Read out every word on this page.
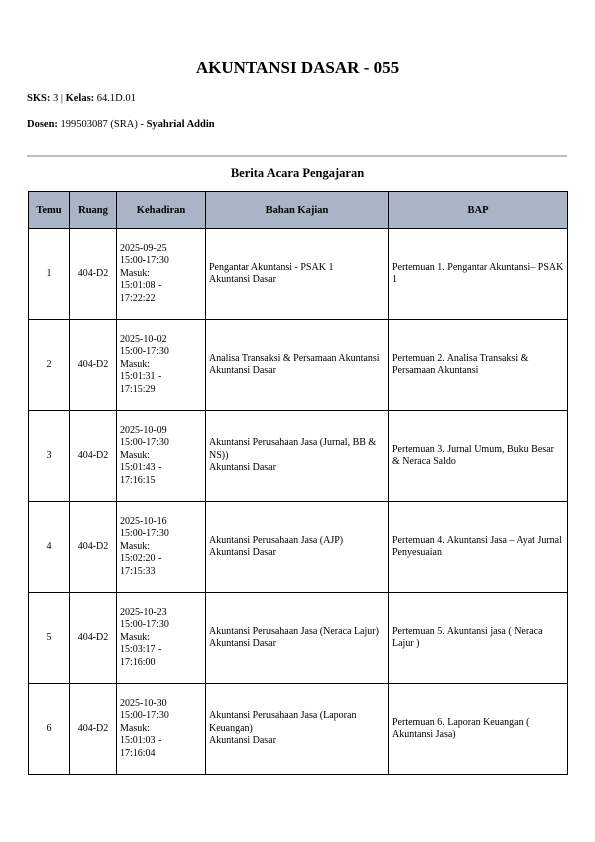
AKUNTANSI DASAR - 055
SKS: 3 | Kelas: 64.1D.01
Dosen: 199503087 (SRA) - Syahrial Addin
Berita Acara Pengajaran
Temu	Ruang	Kehadiran	Bahan Kajian	BAP
1	404-D2	2025-09-25
15:00-17:30
Masuk:
15:01:08 -
17:22:22	Pengantar Akuntansi - PSAK 1
Akuntansi Dasar	Pertemuan 1. Pengantar Akuntansi– PSAK 1
2	404-D2	2025-10-02
15:00-17:30
Masuk:
15:01:31 -
17:15:29	Analisa Transaksi & Persamaan Akuntansi
Akuntansi Dasar	Pertemuan 2. Analisa Transaksi & Persamaan Akuntansi
3	404-D2	2025-10-09
15:00-17:30
Masuk:
15:01:43 -
17:16:15	Akuntansi Perusahaan Jasa (Jurnal, BB & NS))
Akuntansi Dasar	Pertemuan 3. Jurnal Umum, Buku Besar & Neraca Saldo
4	404-D2	2025-10-16
15:00-17:30
Masuk:
15:02:20 -
17:15:33	Akuntansi Perusahaan Jasa (AJP)
Akuntansi Dasar	Pertemuan 4. Akuntansi Jasa – Ayat Jurnal Penyesuaian
5	404-D2	2025-10-23
15:00-17:30
Masuk:
15:03:17 -
17:16:00	Akuntansi Perusahaan Jasa (Neraca Lajur)
Akuntansi Dasar	Pertemuan 5. Akuntansi jasa ( Neraca Lajur )
6	404-D2	2025-10-30
15:00-17:30
Masuk:
15:01:03 -
17:16:04	Akuntansi Perusahaan Jasa (Laporan Keuangan)
Akuntansi Dasar	Pertemuan 6. Laporan Keuangan ( Akuntansi Jasa)
